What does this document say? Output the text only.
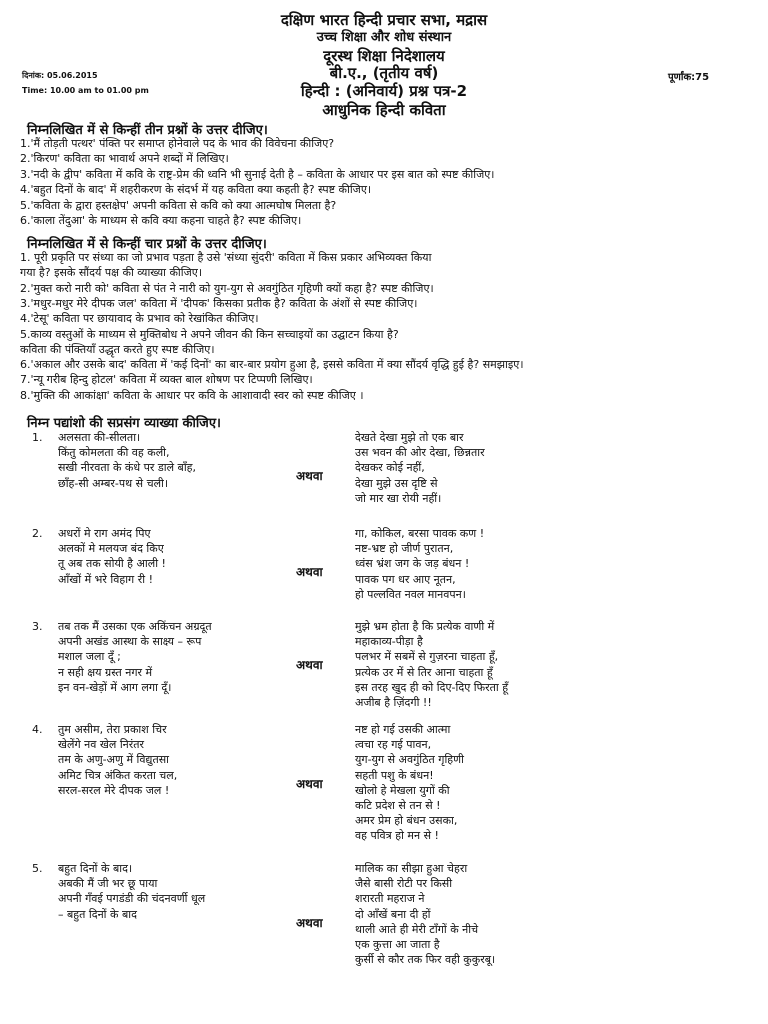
दक्षिण भारत हिन्दी प्रचार सभा, मद्रास
उच्च शिक्षा और शोध संस्थान
दूरस्थ शिक्षा निदेशालय
बी.ए., (तृतीय वर्ष)
हिन्दी : (अनिवार्य) प्रश्न पत्र-2
आधुनिक हिन्दी कविता
दिनांक: 05.06.2015
Time: 10.00 am to 01.00 pm
पूर्णांक:75
निम्नलिखित में से किन्हीं तीन प्रश्नों के उत्तर दीजिए।
1.'मैं तोड़ती पत्थर' पंक्ति पर समाप्त होनेवाले पद के भाव की विवेचना कीजिए?
2.'किरण' कविता का भावार्थ अपने शब्दों में लिखिए।
3.'नदी के द्वीप' कविता में कवि के राष्ट्र-प्रेम की ध्वनि भी सुनाई देती है – कविता के आधार पर इस बात को स्पष्ट कीजिए।
4.'बहुत दिनों के बाद' में शहरीकरण के संदर्भ में यह कविता क्या कहती है? स्पष्ट कीजिए।
5.'कविता के द्वारा हस्तक्षेप' अपनी कविता से कवि को क्या आत्मघोष मिलता है?
6.'काला तेंदुआ' के माध्यम से कवि क्या कहना चाहते है? स्पष्ट कीजिए।
निम्नलिखित में से किन्हीं चार प्रश्नों के उत्तर दीजिए।
1. पूरी प्रकृति पर संध्या का जो प्रभाव पड़ता है उसे 'संध्या सुंदरी' कविता में किस प्रकार अभिव्यक्त किया
गया है? इसके सौंदर्य पक्ष की व्याख्या कीजिए।
2.'मुक्त करो नारी को' कविता से पंत ने नारी को युग-युग से अवगुंठित गृहिणी क्यों कहा है? स्पष्ट कीजिए।
3.'मधुर-मधुर मेरे दीपक जल' कविता में 'दीपक' किसका प्रतीक है? कविता के अंशों से स्पष्ट कीजिए।
4.'टेसू' कविता पर छायावाद के प्रभाव को रेखांकित कीजिए।
5.काव्य वस्तुओं के माध्यम से मुक्तिबोध ने अपने जीवन की किन सच्चाइयों का उद्घाटन किया है?
कविता की पंक्तियाँ उद्धृत करते हुए स्पष्ट कीजिए।
6.'अकाल और उसके बाद' कविता में 'कई दिनों' का बार-बार प्रयोग हुआ है, इससे कविता में क्या सौंदर्य वृद्धि हुई है? समझाइए।
7.'न्यू गरीब हिन्दु होटल' कविता में व्यक्त बाल शोषण पर टिप्पणी लिखिए।
8.'मुक्ति की आकांक्षा' कविता के आधार पर कवि के आशावादी स्वर को स्पष्ट कीजिए ।
निम्न पद्यांशो की सप्रसंग व्याख्या कीजिए।
1. अलसता की-सीलता।
किंतु कोमलता की वह कली,
सखी नीरवता के कंधे पर डाले बाँह,
छाँह-सी अम्बर-पथ से चली।
देखते देखा मुझे तो एक बार
उस भवन की ओर देखा, छिन्नतार
देखकर कोई नहीं,
देखा मुझे उस दृष्टि से
जो मार खा रोयी नहीं।
अथवा
2. अधरों मे राग अमंद पिए
अलकों मे मलयज बंद किए
तू अब तक सोयी है आली !
आँखों में भरे विहाग री !
गा, कोकिल, बरसा पावक कण !
नष्ट-भ्रष्ट हो जीर्ण पुरातन,
ध्वंस भ्रंश जग के जड़ बंधन !
पावक पग धर आए नूतन,
हो पल्लवित नवल मानवपन।
अथवा
3. तब तक मैं उसका एक अकिंचन अग्रदूत
अपनी अखंड आस्था के साक्ष्य – रूप
मशाल जला दूँ ;
न सही क्षय ग्रस्त नगर में
इन वन-खेड़ों में आग लगा दूँ।
मुझे भ्रम होता है कि प्रत्येक वाणी में
महाकाव्य-पीड़ा है
पलभर में सबमें से गुज़रना चाहता हूँ,
प्रत्येक उर में से तिर आना चाहता हूँ
इस तरह खुद ही को दिए-दिए फिरता हूँ
अजीब है ज़िंदगी !!
अथवा
4. तुम असीम, तेरा प्रकाश चिर
खेलेंगे नव खेल निरंतर
तम के अणु-अणु में विद्युतसा
अमिट चित्र अंकित करता चल,
सरल-सरल मेरे दीपक जल !
नष्ट हो गई उसकी आत्मा
त्वचा रह गई पावन,
युग-युग से अवगुंठित गृहिणी
सहती पशु के बंधन!
खोलो हे मेखला युगों की
कटि प्रदेश से तन से !
अमर प्रेम हो बंधन उसका,
वह पवित्र हो मन से !
अथवा
5. बहुत दिनों के बाद।
अबकी मैं जी भर छू पाया
अपनी गँवई पगडंडी की चंदनवर्णी धूल
– बहुत दिनों के बाद
मालिक का सीझा हुआ चेहरा
जैसे बासी रोटी पर किसी
शरारती महराज ने
दो आँखें बना दी हों
थाली आते ही मेरी टाँगों के नीचे
एक कुत्ता आ जाता है
कुर्सी से कौर तक फिर वही कुकुरबू।
अथवा
